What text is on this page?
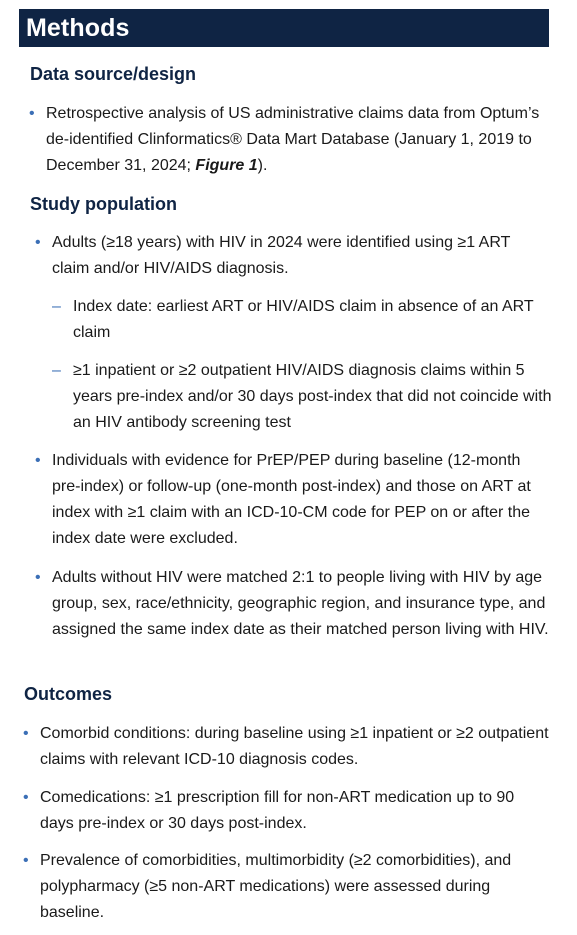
Methods
Data source/design
• Retrospective analysis of US administrative claims data from Optum’s de-identified Clinformatics® Data Mart Database (January 1, 2019 to December 31, 2024; Figure 1).
Study population
• Adults (≥18 years) with HIV in 2024 were identified using ≥1 ART claim and/or HIV/AIDS diagnosis.
– Index date: earliest ART or HIV/AIDS claim in absence of an ART claim
– ≥1 inpatient or ≥2 outpatient HIV/AIDS diagnosis claims within 5 years pre-index and/or 30 days post-index that did not coincide with an HIV antibody screening test
• Individuals with evidence for PrEP/PEP during baseline (12-month pre-index) or follow-up (one-month post-index) and those on ART at index with ≥1 claim with an ICD-10-CM code for PEP on or after the index date were excluded.
• Adults without HIV were matched 2:1 to people living with HIV by age group, sex, race/ethnicity, geographic region, and insurance type, and assigned the same index date as their matched person living with HIV.
Outcomes
• Comorbid conditions: during baseline using ≥1 inpatient or ≥2 outpatient claims with relevant ICD-10 diagnosis codes.
• Comedications: ≥1 prescription fill for non-ART medication up to 90 days pre-index or 30 days post-index.
• Prevalence of comorbidities, multimorbidity (≥2 comorbidities), and polypharmacy (≥5 non-ART medications) were assessed during baseline.
